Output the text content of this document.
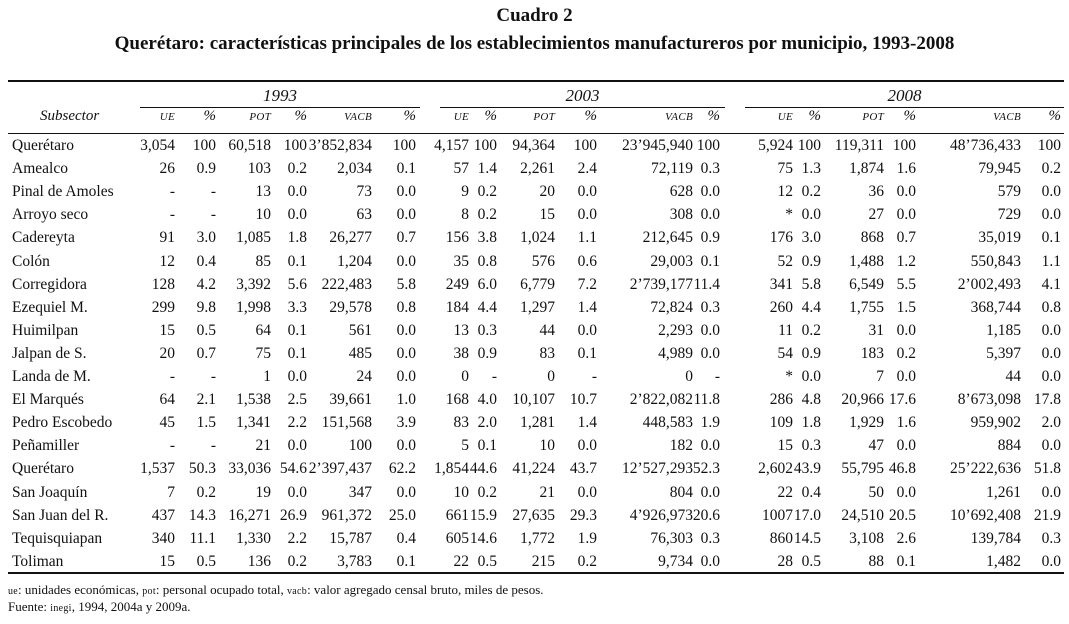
Cuadro 2
Querétaro: características principales de los establecimientos manufactureros por municipio, 1993-2008
1993	2003	2008
Subsector	UE %	POT %	VACB %	UE %	POT %	VACB %	UE %	POT %	VACB %
Querétaro	3,054 100 60,518 100 3’852,834 100 4,157 100 94,364 100 23’945,940 100 5,924 100 119,311 100 48’736,433 100
Amealco	26 0.9 103 0.2 2,034 0.1 57 1.4 2,261 2.4	72,119 0.3	75 1.3 1,874 1.6	79,945 0.2
Pinal de Amoles	- -	13 0.0	73 0.0	9 0.2	20 0.0	628 0.0	12 0.2	36 0.0	579 0.0
Arroyo seco	- -	10 0.0	63 0.0	8 0.2	15 0.0	308 0.0	* 0.0	27 0.0	729 0.0
Cadereyta	91 3.0 1,085 1.8 26,277 0.7 156 3.8 1,024 1.1	212,645 0.9	176 3.0	868 0.7	35,019 0.1
Colón	12 0.4	85 0.1 1,204 0.0 35 0.8 576 0.6	29,003 0.1	52 0.9 1,488 1.2	550,843 1.1
Corregidora	128 4.2 3,392 5.6 222,483 5.8 249 6.0 6,779 7.2 2’739,177 11.4	341 5.8 6,549 5.5	2’002,493 4.1
Ezequiel M.	299 9.8 1,998 3.3 29,578 0.8 184 4.4 1,297 1.4	72,824 0.3	260 4.4 1,755 1.5	368,744 0.8
Huimilpan	15 0.5	64 0.1	561 0.0 13 0.3	44 0.0	2,293 0.0	11 0.2	31 0.0	1,185 0.0
Jalpan de S.	20 0.7	75 0.1	485 0.0 38 0.9	83 0.1	4,989 0.0	54 0.9	183 0.2	5,397 0.0
Landa de M.	- -	1 0.0	24 0.0	0 -	0 -	0 -	* 0.0	7 0.0	44 0.0
El Marqués	64 2.1 1,538 2.5 39,661 1.0 168 4.0 10,107 10.7 2’822,082 11.8	286 4.8 20,966 17.6	8’673,098 17.8
Pedro Escobedo	45 1.5 1,341 2.2 151,568 3.9 83 2.0 1,281 1.4	448,583 1.9	109 1.8 1,929 1.6	959,902 2.0
Peñamiller	- -	21 0.0	100 0.0	5 0.1	10 0.0	182 0.0	15 0.3	47 0.0	884 0.0
Querétaro	1,537 50.3 33,036 54.6 2’397,437 62.2 1,854 44.6 41,224 43.7 12’527,293 52.3 2,602 43.9 55,795 46.8 25’222,636 51.8
San Joaquín	7 0.2	19 0.0	347 0.0 10 0.2	21 0.0	804 0.0	22 0.4	50 0.0	1,261 0.0
San Juan del R.	437 14.3 16,271 26.9 961,372 25.0 661 15.9 27,635 29.3 4’926,973 20.6	1007 17.0 24,510 20.5 10’692,408 21.9
Tequisquiapan	340 11.1 1,330 2.2 15,787 0.4 605 14.6 1,772 1.9	76,303 0.3	860 14.5 3,108 2.6	139,784 0.3
Toliman	15 0.5 136 0.2 3,783 0.1 22 0.5 215 0.2	9,734 0.0	28 0.5	88 0.1	1,482 0.0
ue: unidades económicas, pot: personal ocupado total, vacb: valor agregado censal bruto, miles de pesos.
Fuente: inegi, 1994, 2004a y 2009a.
